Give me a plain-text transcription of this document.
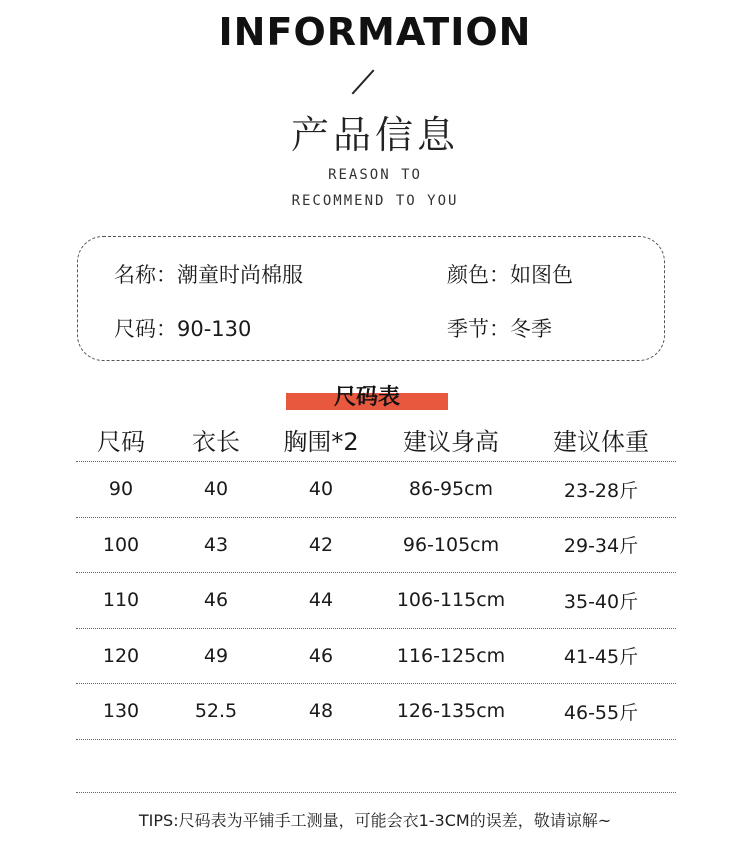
INFORMATION
产品信息
REASON TO
RECOMMEND TO YOU
名称：潮童时尚棉服	颜色：如图色
尺码：90-130	季节：冬季
尺码表
尺码	衣长	胸围*2	建议身高	建议体重
90	40	40	86-95cm	23-28斤
100	43	42	96-105cm	29-34斤
110	46	44	106-115cm	35-40斤
120	49	46	116-125cm	41-45斤
130	52.5	48	126-135cm	46-55斤
TIPS:尺码表为平铺手工测量，可能会衣1-3CM的误差，敬请谅解~
